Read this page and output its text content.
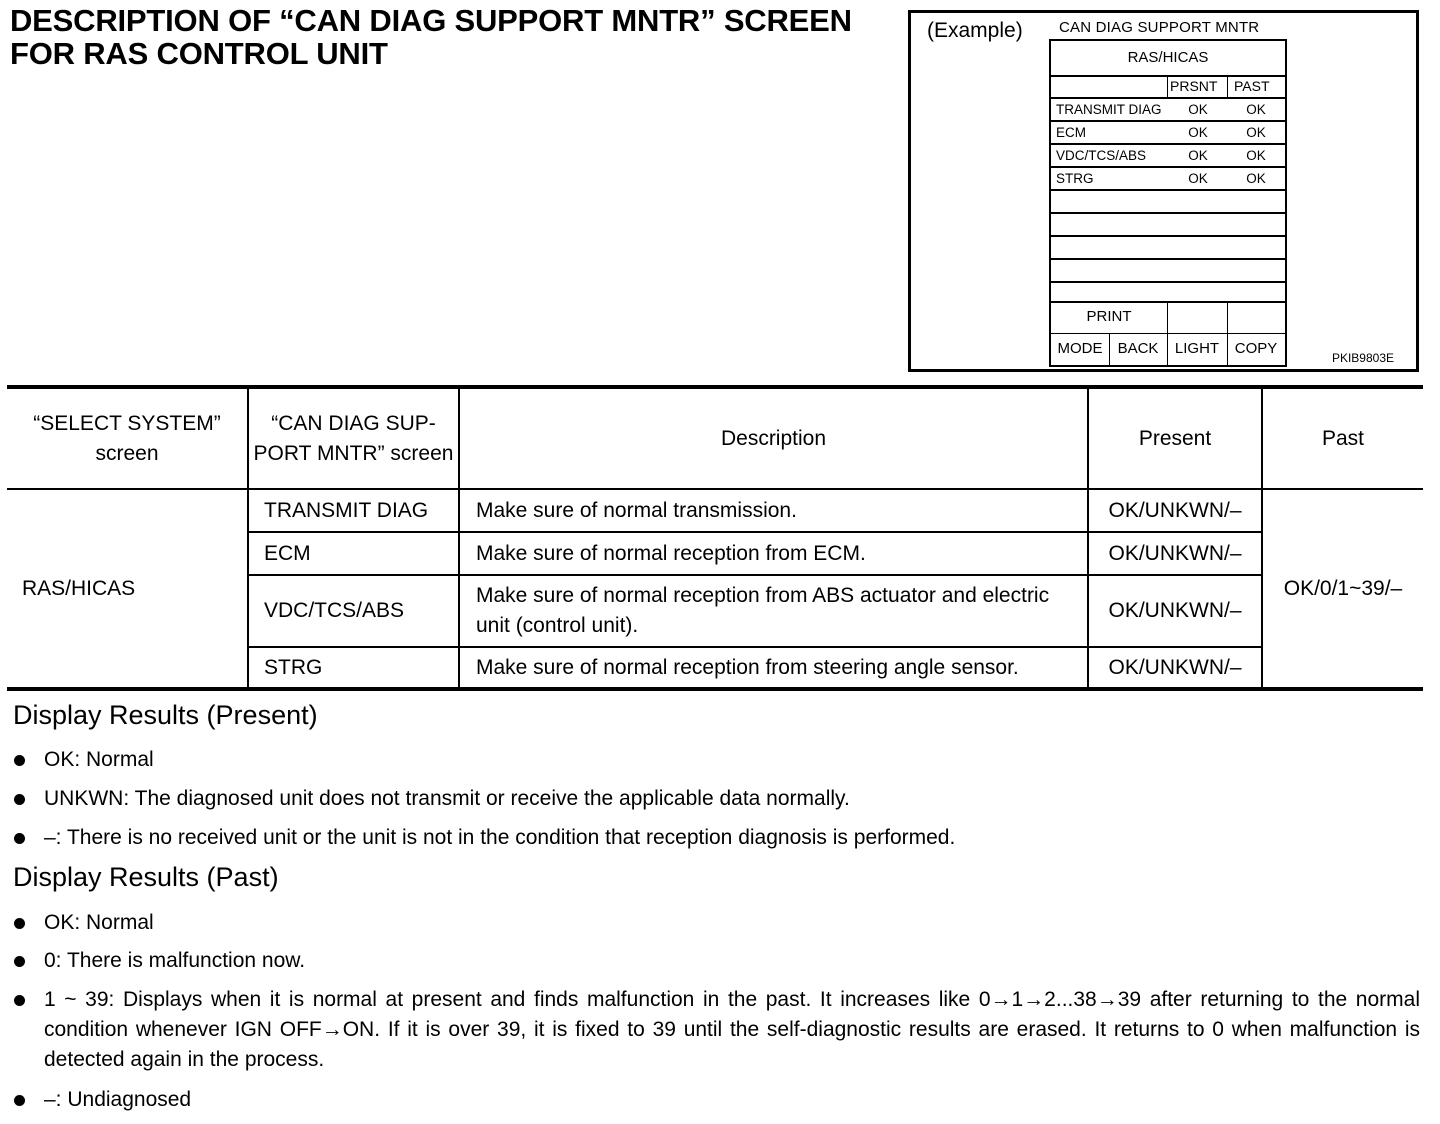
DESCRIPTION OF “CAN DIAG SUPPORT MNTR” SCREEN FOR RAS CONTROL UNIT
(Example) CAN DIAG SUPPORT MNTR
RAS/HICAS
PRSNT PAST
TRANSMIT DIAG	OK	OK
ECM	OK	OK
VDC/TCS/ABS	OK	OK
STRG	OK	OK
PRINT
MODE	BACK	LIGHT	COPY
PKIB9803E
“SELECT SYSTEM” screen	“CAN DIAG SUP-PORT MNTR” screen	Description	Present	Past
RAS/HICAS	TRANSMIT DIAG	Make sure of normal transmission.	OK/UNKWN/–	OK/0/1~39/–
	ECM	Make sure of normal reception from ECM.	OK/UNKWN/–	
	VDC/TCS/ABS	Make sure of normal reception from ABS actuator and electric unit (control unit).	OK/UNKWN/–	
	STRG	Make sure of normal reception from steering angle sensor.	OK/UNKWN/–	
Display Results (Present)
OK: Normal
UNKWN: The diagnosed unit does not transmit or receive the applicable data normally.
–: There is no received unit or the unit is not in the condition that reception diagnosis is performed.
Display Results (Past)
OK: Normal
0: There is malfunction now.
1 ~ 39: Displays when it is normal at present and finds malfunction in the past. It increases like 0→1→2...38→39 after returning to the normal condition whenever IGN OFF→ON. If it is over 39, it is fixed to 39 until the self-diagnostic results are erased. It returns to 0 when malfunction is detected again in the process.
–: Undiagnosed
